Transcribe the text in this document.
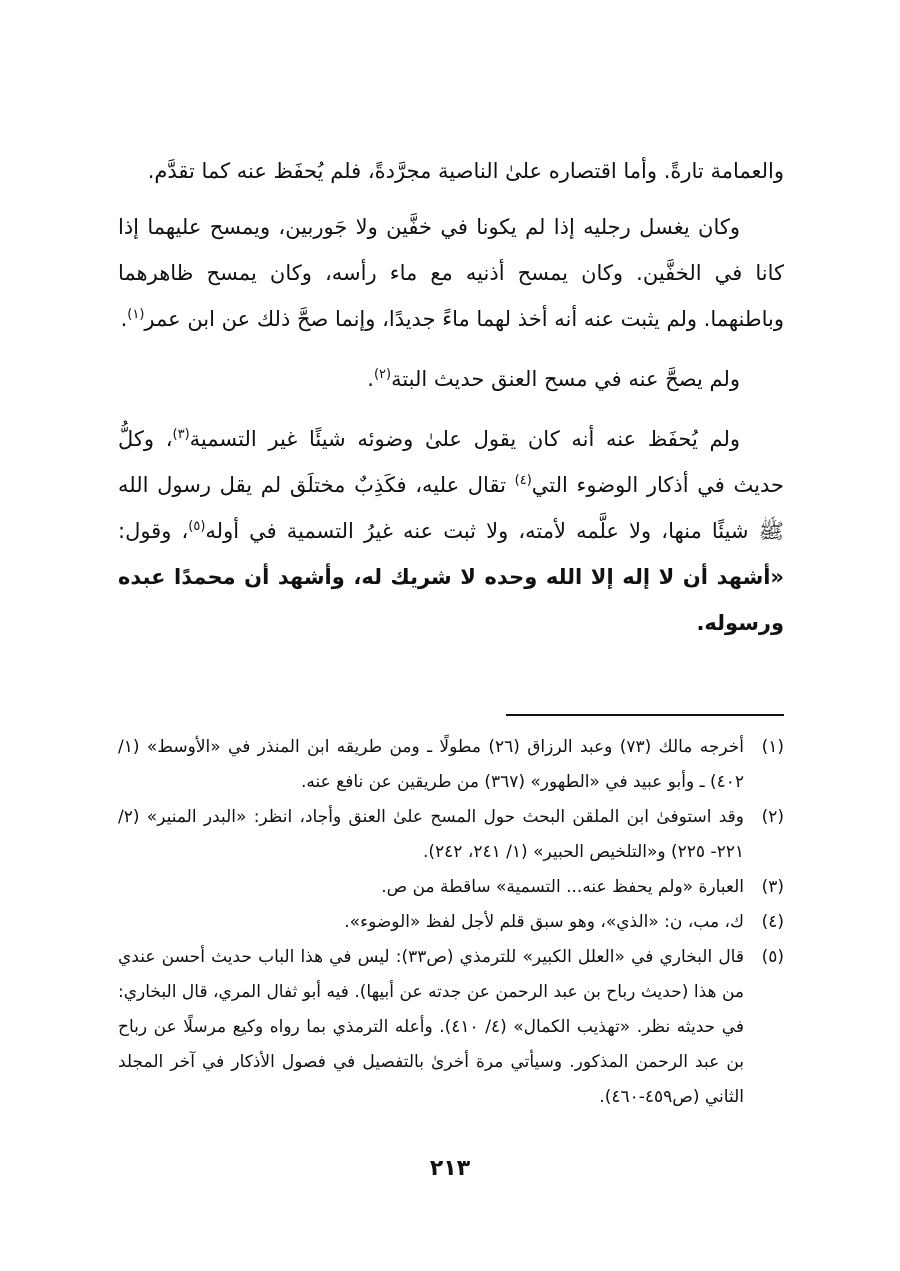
والعمامة تارةً. وأما اقتصاره علىٰ الناصية مجرَّدةً، فلم يُحفَظ عنه كما تقدَّم.

وكان يغسل رجليه إذا لم يكونا في خفَّين ولا جَوربين، ويمسح عليهما إذا كانا في الخفَّين. وكان يمسح أذنيه مع ماء رأسه، وكان يمسح ظاهرهما وباطنهما. ولم يثبت عنه أنه أخذ لهما ماءً جديدًا، وإنما صحَّ ذلك عن ابن عمر$^{(١)}$.

ولم يصحَّ عنه في مسح العنق حديث البتة$^{(٢)}$.

ولم يُحفَظ عنه أنه كان يقول علىٰ وضوئه شيئًا غير التسمية$^{(٣)}$، وكلُّ حديث في أذكار الوضوء التي$^{(٤)}$ تقال عليه، فكَذِبٌ مختلَق لم يقل رسول الله ﷺ شيئًا منها، ولا علَّمه لأمته، ولا ثبت عنه غيرُ التسمية في أوله$^{(٥)}$، وقول: «أشهد أن لا إله إلا الله وحده لا شريك له، وأشهد أن محمدًا عبده ورسوله.

(١)
أخرجه مالك (٧٣) وعبد الرزاق (٢٦) مطولًا ـ ومن طريقه ابن المنذر في «الأوسط» (١/ ٤٠٢) ـ وأبو عبيد في «الطهور» (٣٦٧) من طريقين عن نافع عنه.
(٢)
وقد استوفىٰ ابن الملقن البحث حول المسح علىٰ العنق وأجاد، انظر: «البدر المنير» (٢/ ٢٢١- ٢٢٥) و«التلخيص الحبير» (١/ ٢٤١، ٢٤٢).
(٣)
العبارة «ولم يحفظ عنه... التسمية» ساقطة من ص.
(٤)
ك، مب، ن: «الذي»، وهو سبق قلم لأجل لفظ «الوضوء».
(٥)
قال البخاري في «العلل الكبير» للترمذي (ص٣٣): ليس في هذا الباب حديث أحسن عندي من هذا (حديث رباح بن عبد الرحمن عن جدته عن أبيها). فيه أبو ثفال المري، قال البخاري: في حديثه نظر. «تهذيب الكمال» (٤/ ٤١٠). وأعله الترمذي بما رواه وكيع مرسلًا عن رباح بن عبد الرحمن المذكور. وسيأتي مرة أخرىٰ بالتفصيل في فصول الأذكار في آخر المجلد الثاني (ص٤٥٩-٤٦٠).
٢١٣
